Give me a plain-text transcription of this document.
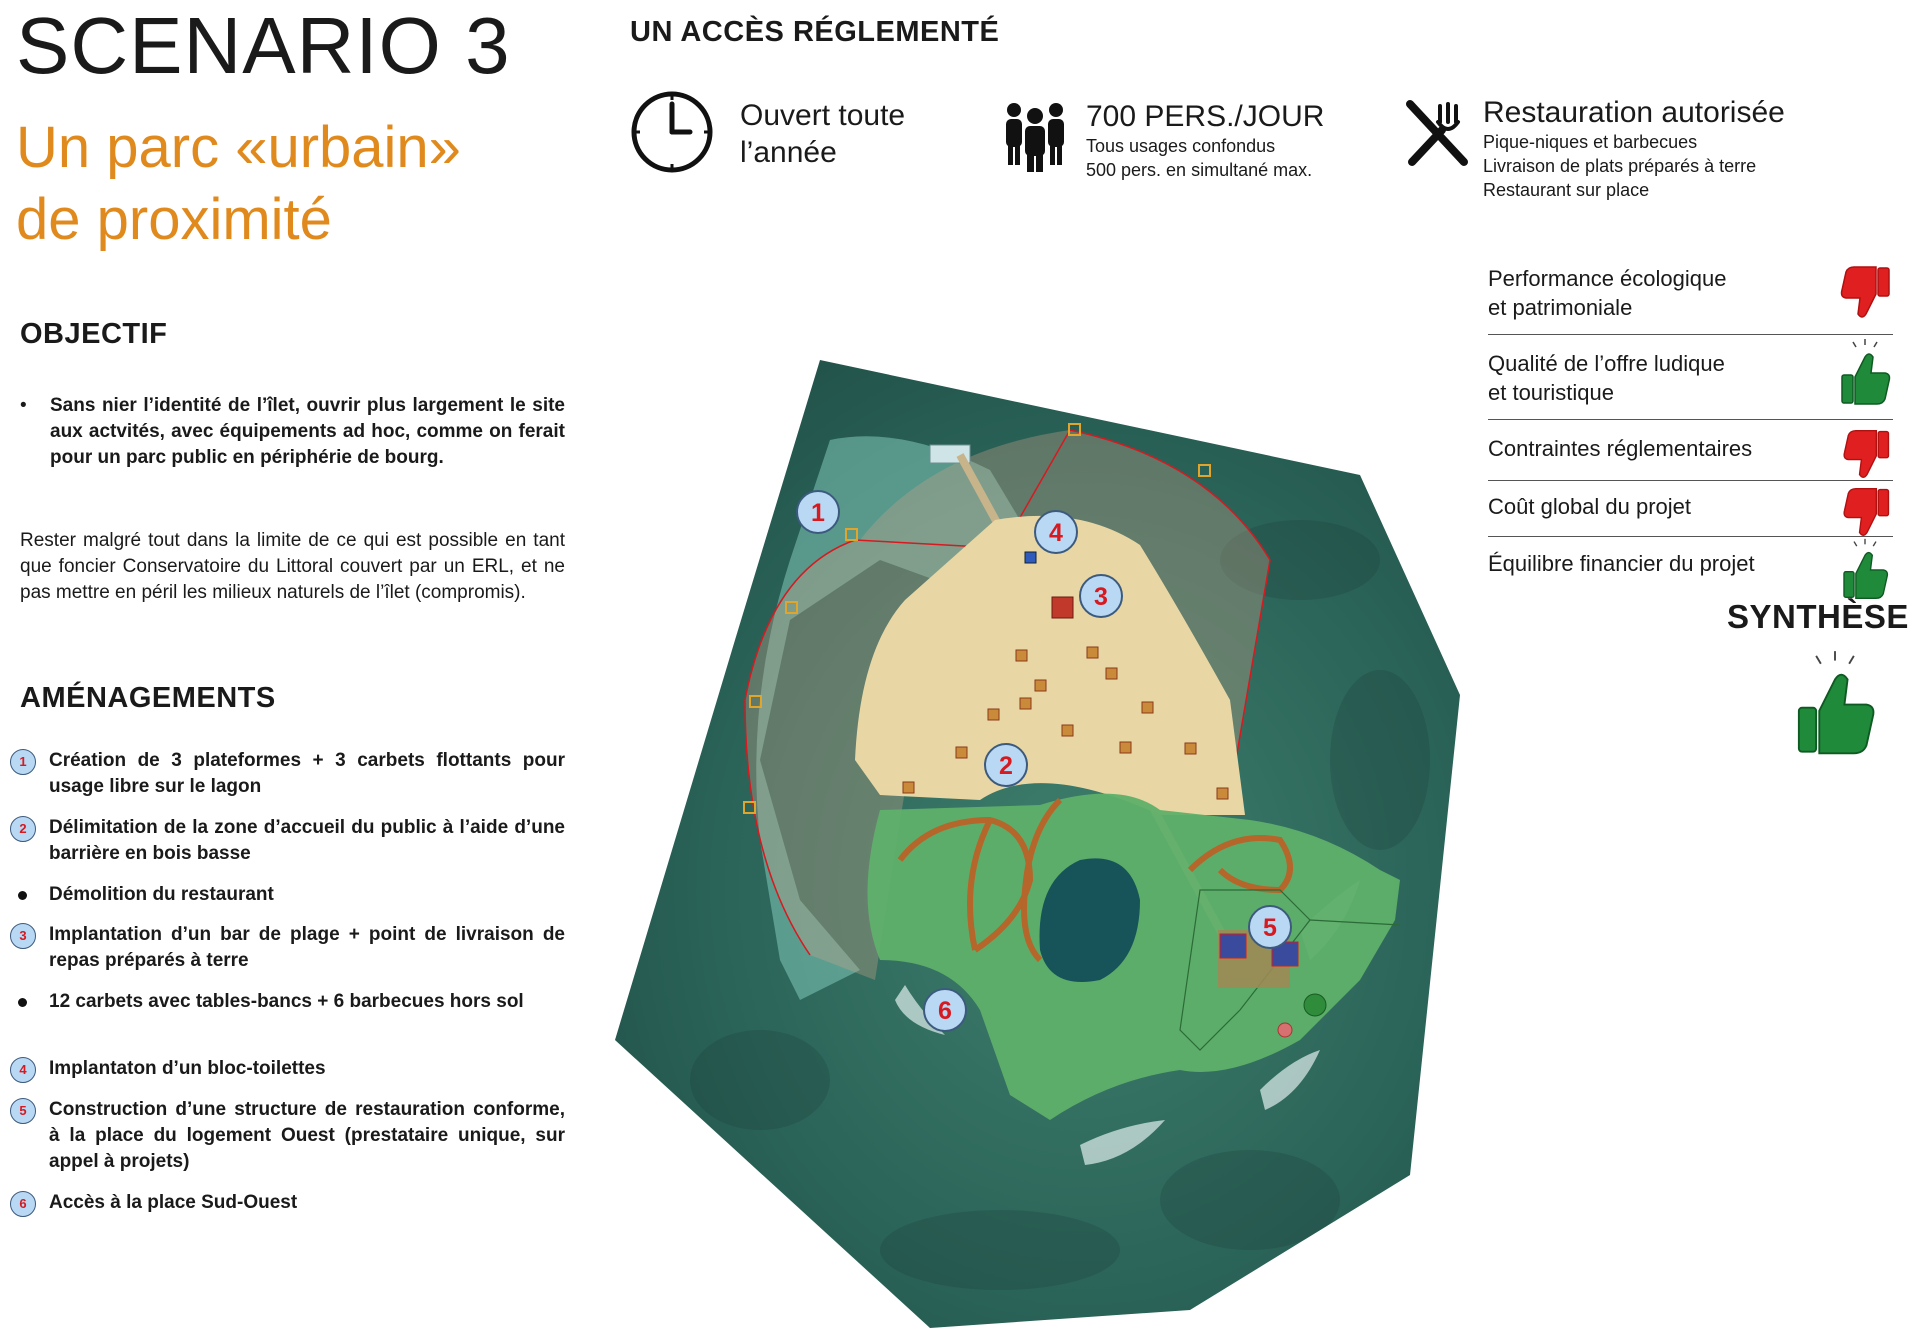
SCENARIO 3
Un parc «urbain»
de proximité
OBJECTIF
• Sans nier l’identité de l’îlet, ouvrir plus largement le site aux actvités, avec équipements ad hoc, comme on ferait pour un parc public en périphérie de bourg.
Rester malgré tout dans la limite de ce qui est possible en tant que foncier Conservatoire du Littoral couvert par un ERL, et ne pas mettre en péril les milieux naturels de l’îlet (compromis).
AMÉNAGEMENTS
1	Création de 3 plateformes + 3 carbets flottants pour usage libre sur le lagon
2	Délimitation de la zone d’accueil du public à l’aide d’une barrière en bois basse
Démolition du restaurant
3	Implantation d’un bar de plage + point de livraison de repas préparés à terre
12 carbets avec tables-bancs + 6 barbecues hors sol
4	Implantaton d’un bloc-toilettes
5	Construction d’une structure de restauration conforme, à la place du logement Ouest (prestataire unique, sur appel à projets)
6	Accès à la place Sud-Ouest
UN ACCÈS RÉGLEMENTÉ
Ouvert toute
l’année
700 PERS./JOUR
Tous usages confondus
500 pers. en simultané max.
Restauration autorisée
Pique-niques et barbecues
Livraison de plats préparés à terre
Restaurant sur place
Performance écologique
et patrimoniale
Qualité de l’offre ludique
et touristique
Contraintes réglementaires
Coût global du projet
Équilibre financier du projet
SYNTHÈSE
1
4
3
2
5
6
